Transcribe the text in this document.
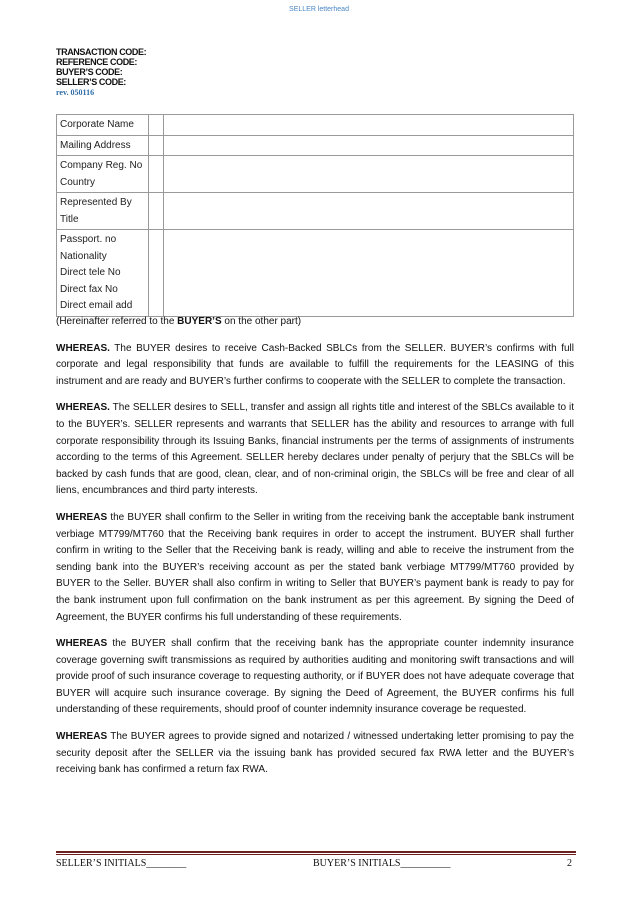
SELLER letterhead
TRANSACTION CODE:
REFERENCE CODE:
BUYER’S CODE:
SELLER’S CODE:
rev. 050116
Corporate Name		

Mailing Address		

Company Reg. No
Country		

Represented By
Title		

Passport. no
Nationality
Direct tele No
Direct fax No
Direct email add		

(Hereinafter referred to the BUYER’S on the other part)

WHEREAS. The BUYER desires to receive Cash-Backed SBLCs from the SELLER. BUYER’s confirms with full corporate and legal responsibility that funds are available to fulfill the requirements for the LEASING of this instrument and are ready and BUYER’s further confirms to cooperate with the SELLER to complete the transaction.

WHEREAS. The SELLER desires to SELL, transfer and assign all rights title and interest of the SBLCs available to it to the BUYER’s. SELLER represents and warrants that SELLER has the ability and resources to arrange with full corporate responsibility through its Issuing Banks, financial instruments per the terms of assignments of instruments according to the terms of this Agreement. SELLER hereby declares under penalty of perjury that the SBLCs will be backed by cash funds that are good, clean, clear, and of non-criminal origin, the SBLCs will be free and clear of all liens, encumbrances and third party interests.

WHEREAS the BUYER shall confirm to the Seller in writing from the receiving bank the acceptable bank instrument verbiage MT799/MT760 that the Receiving bank requires in order to accept the instrument. BUYER shall further confirm in writing to the Seller that the Receiving bank is ready, willing and able to receive the instrument from the sending bank into the BUYER’s receiving account as per the stated bank verbiage MT799/MT760 provided by BUYER to the Seller. BUYER shall also confirm in writing to Seller that BUYER’s payment bank is ready to pay for the bank instrument upon full confirmation on the bank instrument as per this agreement. By signing the Deed of Agreement, the BUYER confirms his full understanding of these requirements.

WHEREAS the BUYER shall confirm that the receiving bank has the appropriate counter indemnity insurance coverage governing swift transmissions as required by authorities auditing and monitoring swift transactions and will provide proof of such insurance coverage to requesting authority, or if BUYER does not have adequate coverage that BUYER will acquire such insurance coverage. By signing the Deed of Agreement, the BUYER confirms his full understanding of these requirements, should proof of counter indemnity insurance coverage be requested.

WHEREAS The BUYER agrees to provide signed and notarized / witnessed undertaking letter promising to pay the security deposit after the SELLER via the issuing bank has provided secured fax RWA letter and the BUYER’s receiving bank has confirmed a return fax RWA.

SELLER’S INITIALS________	BUYER’S INITIALS__________	2
